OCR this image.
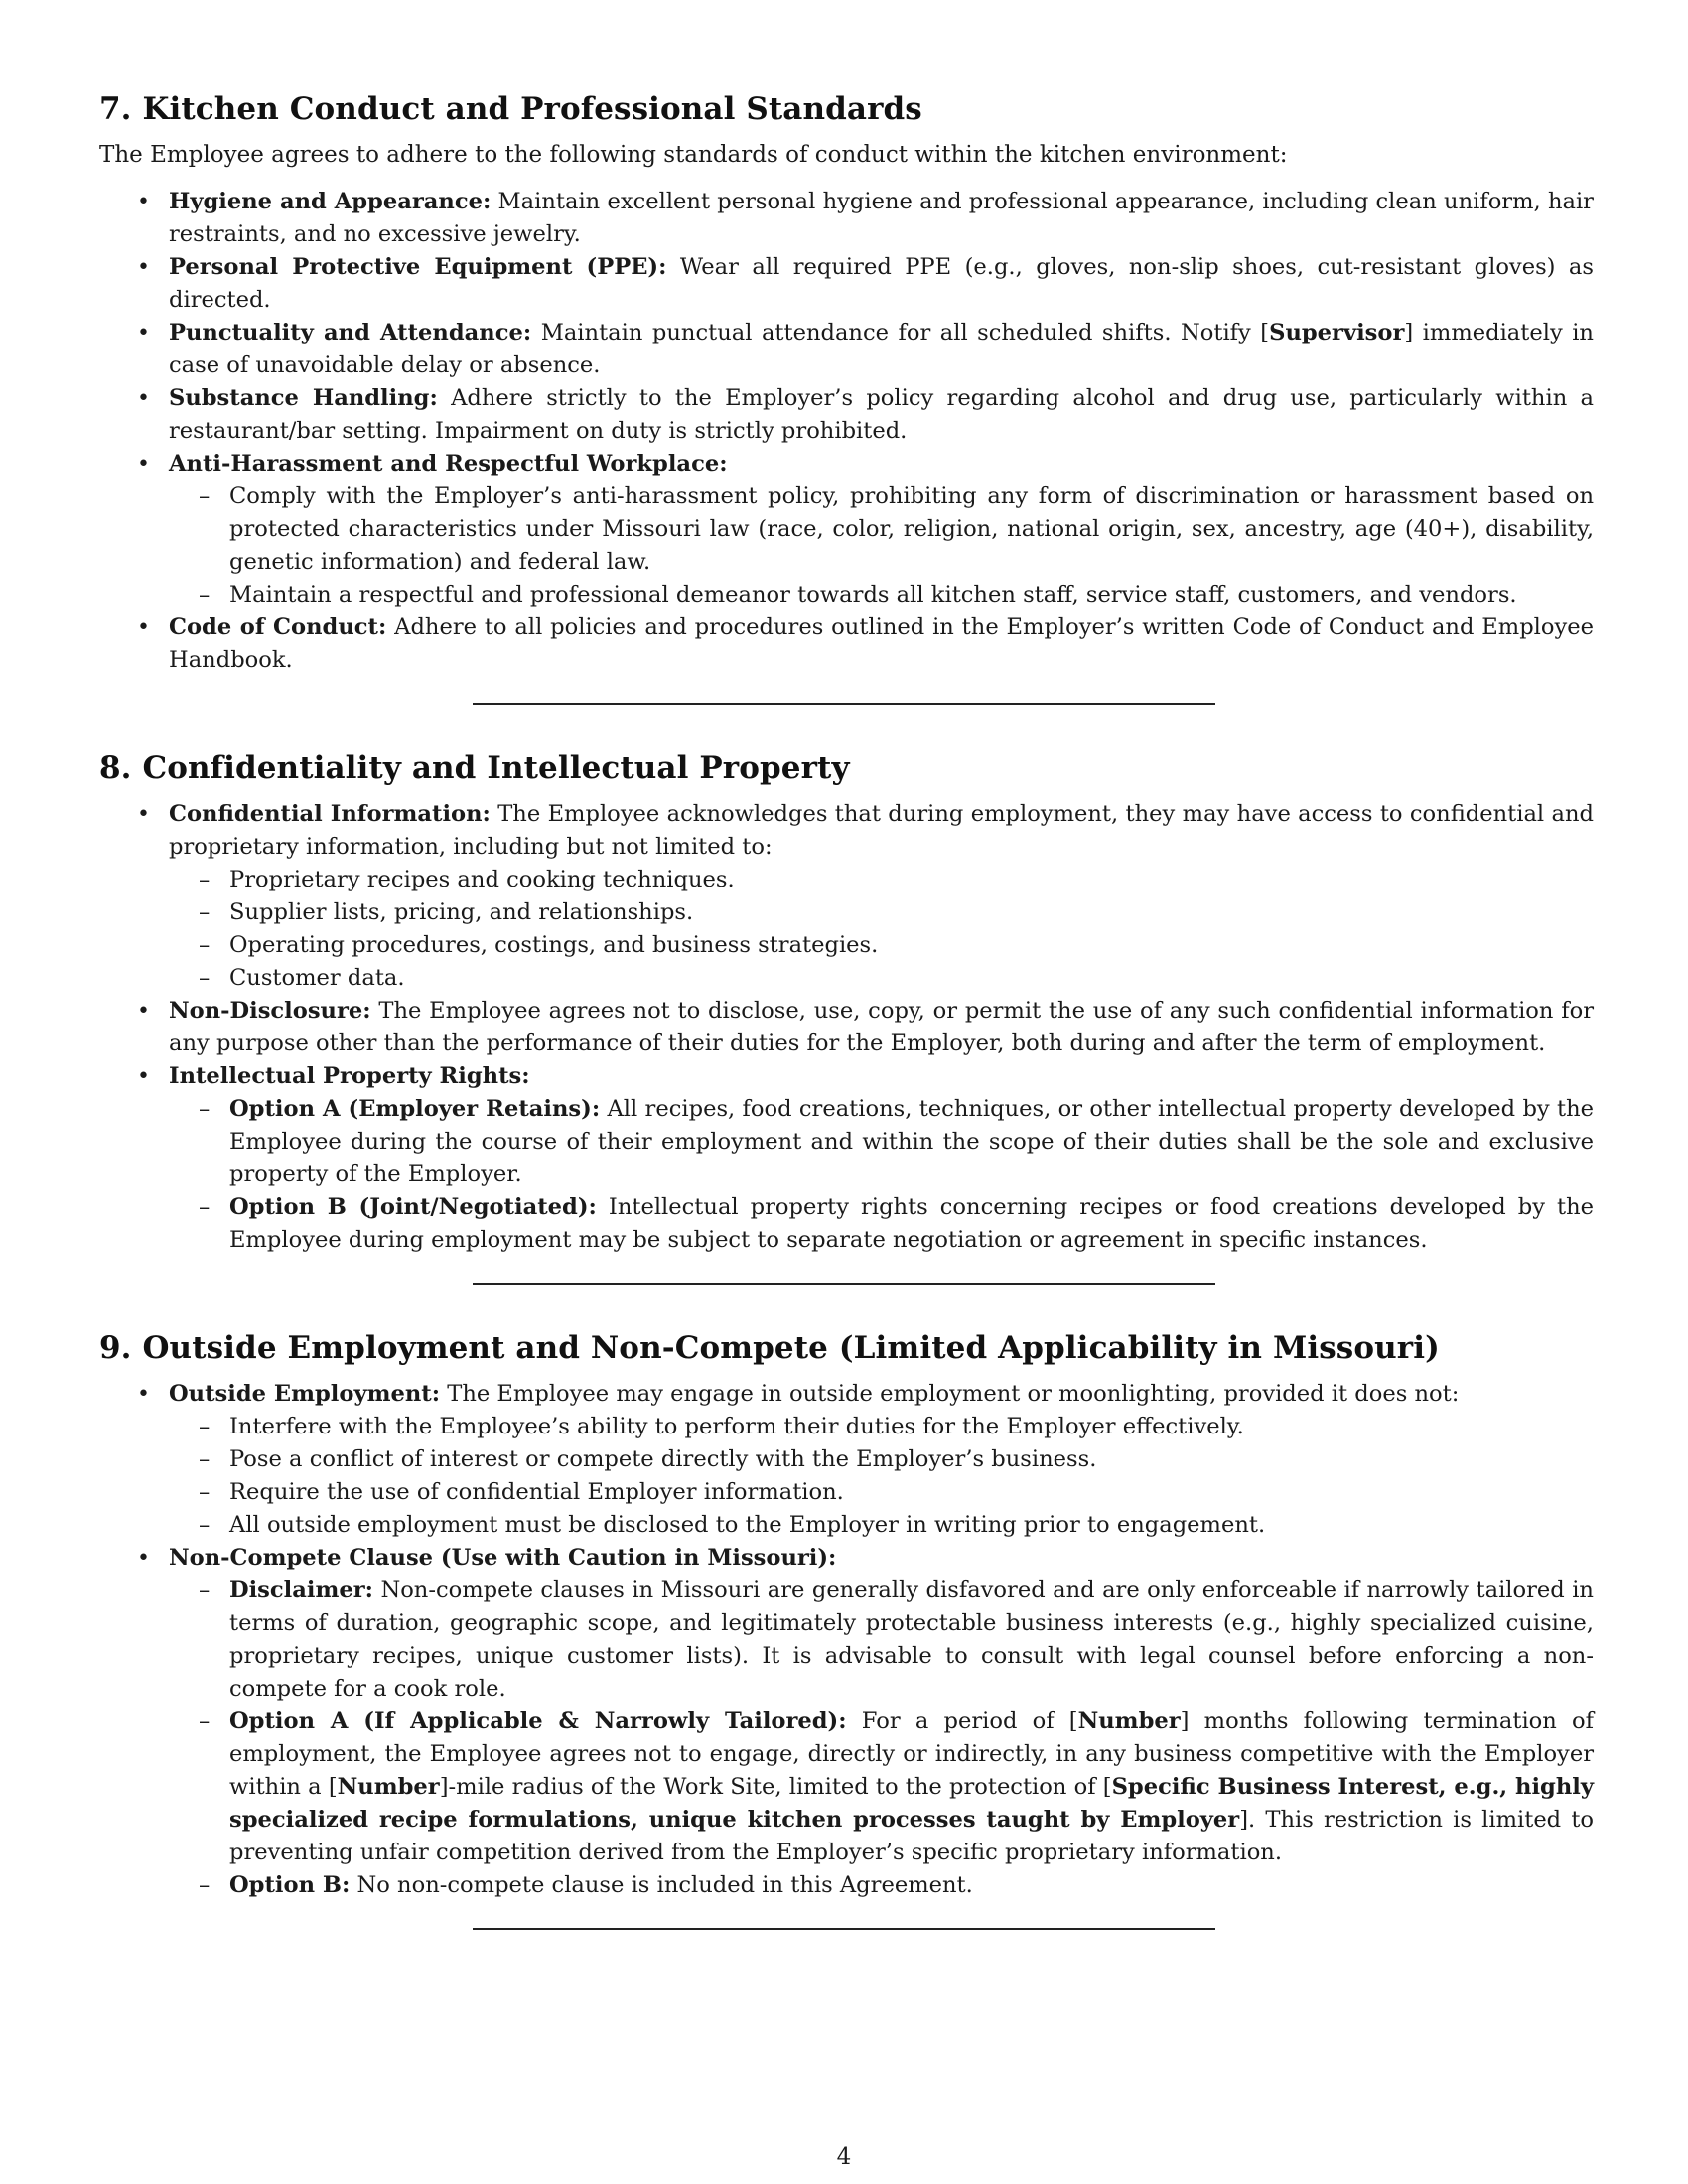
7. Kitchen Conduct and Professional Standards

The Employee agrees to adhere to the following standards of conduct within the kitchen environment:

• Hygiene and Appearance: Maintain excellent personal hygiene and professional appearance, including clean uniform, hair restraints, and no excessive jewelry.
• Personal Protective Equipment (PPE): Wear all required PPE (e.g., gloves, non-slip shoes, cut-resistant gloves) as directed.
• Punctuality and Attendance: Maintain punctual attendance for all scheduled shifts. Notify [Supervisor] immediately in case of unavoidable delay or absence.
• Substance Handling: Adhere strictly to the Employer’s policy regarding alcohol and drug use, particularly within a restaurant/bar setting. Impairment on duty is strictly prohibited.
• Anti-Harassment and Respectful Workplace:
– Comply with the Employer’s anti-harassment policy, prohibiting any form of discrimination or harassment based on protected characteristics under Missouri law (race, color, religion, national origin, sex, ancestry, age (40+), disability, genetic information) and federal law.
– Maintain a respectful and professional demeanor towards all kitchen staff, service staff, customers, and vendors.
• Code of Conduct: Adhere to all policies and procedures outlined in the Employer’s written Code of Conduct and Employee Handbook.
8. Confidentiality and Intellectual Property
• Confidential Information: The Employee acknowledges that during employment, they may have access to confidential and proprietary information, including but not limited to:
– Proprietary recipes and cooking techniques.
– Supplier lists, pricing, and relationships.
– Operating procedures, costings, and business strategies.
– Customer data.
• Non-Disclosure: The Employee agrees not to disclose, use, copy, or permit the use of any such confidential information for any purpose other than the performance of their duties for the Employer, both during and after the term of employment.
• Intellectual Property Rights:
– Option A (Employer Retains): All recipes, food creations, techniques, or other intellectual property developed by the Employee during the course of their employment and within the scope of their duties shall be the sole and exclusive property of the Employer.
– Option B (Joint/Negotiated): Intellectual property rights concerning recipes or food creations developed by the Employee during employment may be subject to separate negotiation or agreement in specific instances.
9. Outside Employment and Non-Compete (Limited Applicability in Missouri)
• Outside Employment: The Employee may engage in outside employment or moonlighting, provided it does not:
– Interfere with the Employee’s ability to perform their duties for the Employer effectively.
– Pose a conflict of interest or compete directly with the Employer’s business.
– Require the use of confidential Employer information.
– All outside employment must be disclosed to the Employer in writing prior to engagement.
• Non-Compete Clause (Use with Caution in Missouri):
– Disclaimer: Non-compete clauses in Missouri are generally disfavored and are only enforceable if narrowly tailored in terms of duration, geographic scope, and legitimately protectable business interests (e.g., highly specialized cuisine, proprietary recipes, unique customer lists). It is advisable to consult with legal counsel before enforcing a non-compete for a cook role.
– Option A (If Applicable & Narrowly Tailored): For a period of [Number] months following termination of employment, the Employee agrees not to engage, directly or indirectly, in any business competitive with the Employer within a [Number]-mile radius of the Work Site, limited to the protection of [Specific Business Interest, e.g., highly specialized recipe formulations, unique kitchen processes taught by Employer]. This restriction is limited to preventing unfair competition derived from the Employer’s specific proprietary information.
– Option B: No non-compete clause is included in this Agreement.
4
